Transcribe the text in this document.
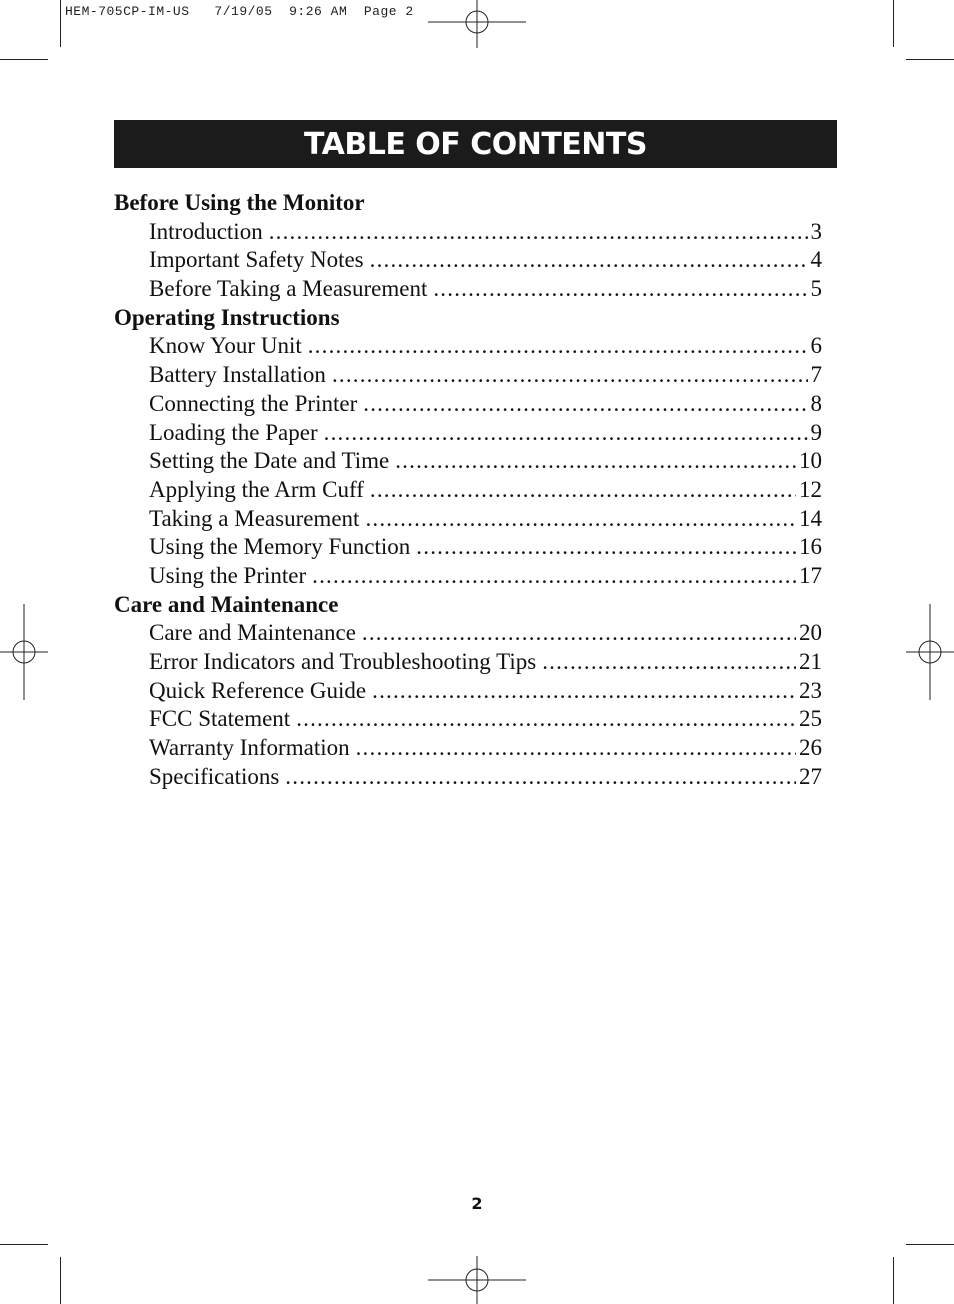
HEM-705CP-IM-US   7/19/05  9:26 AM  Page 2
TABLE OF CONTENTS
Before Using the Monitor
Introduction .....	3
Important Safety Notes .....	4
Before Taking a Measurement .....	5
Operating Instructions
Know Your Unit .....	6
Battery Installation .....	7
Connecting the Printer .....	8
Loading the Paper .....	9
Setting the Date and Time .....	10
Applying the Arm Cuff .....	12
Taking a Measurement .....	14
Using the Memory Function .....	16
Using the Printer .....	17
Care and Maintenance
Care and Maintenance .....	20
Error Indicators and Troubleshooting Tips .....	21
Quick Reference Guide .....	23
FCC Statement .....	25
Warranty Information .....	26
Specifications .....	27
2
